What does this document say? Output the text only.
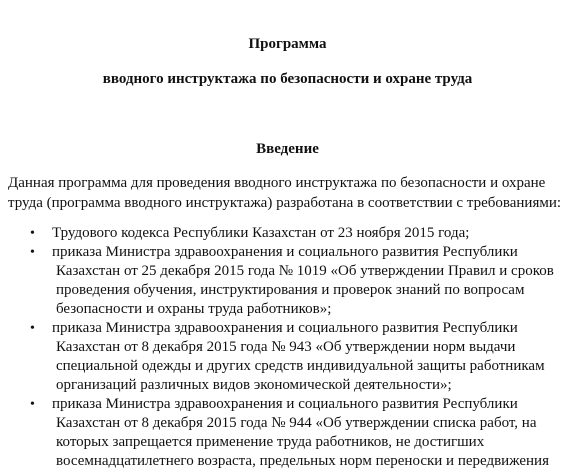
Программа

вводного инструктажа по безопасности и охране труда

Введение

Данная программа для проведения вводного инструктажа по безопасности и охране труда (программа вводного инструктажа) разработана в соответствии с требованиями:

• Трудового кодекса Республики Казахстан от 23 ноября 2015 года;
• приказа Министра здравоохранения и социального развития Республики
Казахстан от 25 декабря 2015 года № 1019 «Об утверждении Правил и сроков проведения обучения, инструктирования и проверок знаний по вопросам безопасности и охраны труда работников»;
• приказа Министра здравоохранения и социального развития Республики
Казахстан от 8 декабря 2015 года № 943 «Об утверждении норм выдачи специальной одежды и других средств индивидуальной защиты работникам организаций различных видов экономической деятельности»;
• приказа Министра здравоохранения и социального развития Республики
Казахстан от 8 декабря 2015 года № 944 «Об утверждении списка работ, на которых запрещается применение труда работников, не достигших восемнадцатилетнего возраста, предельных норм переноски и передвижения
